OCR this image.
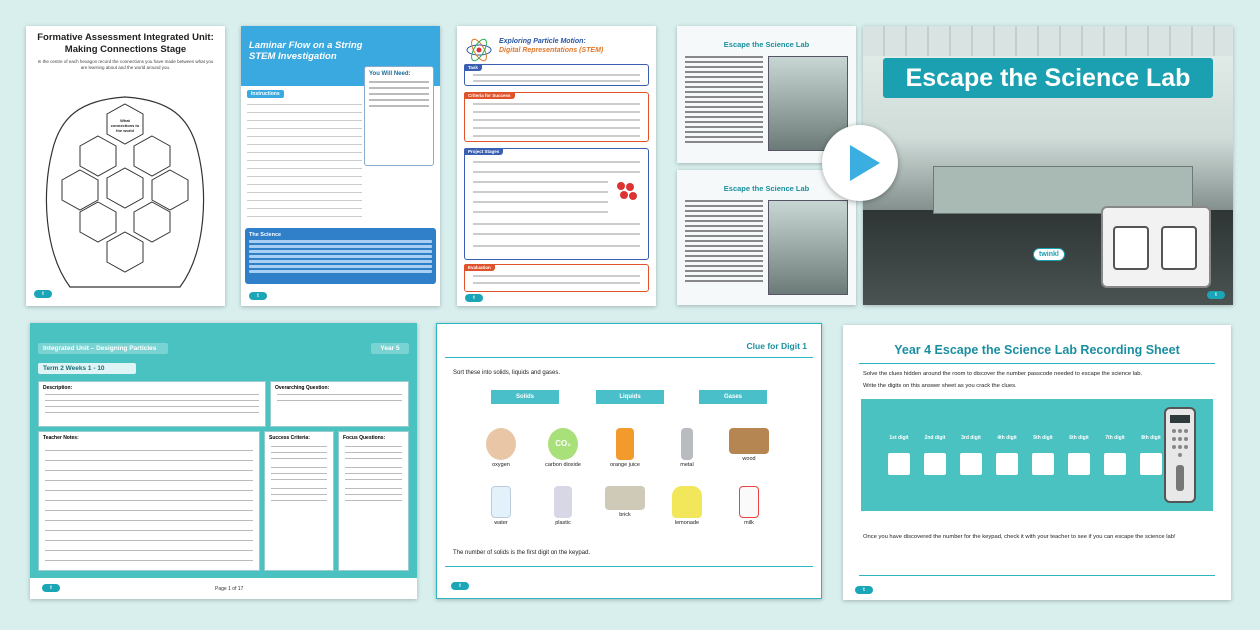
Formative Assessment Integrated Unit:
Making Connections Stage
In the centre of each hexagon record the connections you have made between what you are learning about and the world around you.
What
connections to
the world
t
Laminar Flow on a String
STEM Investigation
You Will Need:
Instructions
The Science
t
Exploring Particle Motion:
Digital Representations (STEM)
Task
Criteria for Success
Project Stages
Evaluation
t
Escape the Science Lab
Escape the Science Lab
Escape the Science Lab
twinkl
t
Integrated Unit – Designing Particles	Year 5
Term 2 Weeks 1 - 10
Description:	Overarching Question:
Teacher Notes:	Success Criteria:	Focus Questions:
t	Page 1 of 17
Clue for Digit 1
Sort these into solids, liquids and gases.
Solids	Liquids	Gases
oxygen
CO₂
carbon dioxide	orange juice	metal
wood
water	plastic
brick
lemonade	milk
The number of solids is the first digit on the keypad.
t
Year 4 Escape the Science Lab Recording Sheet
Solve the clues hidden around the room to discover the number passcode needed to escape the science lab.
Write the digits on this answer sheet as you crack the clues.
1st digit	2nd digit	3rd digit	4th digit	5th digit	6th digit	7th digit	8th digit
Once you have discovered the number for the keypad, check it with your teacher to see if you can escape the science lab!
t
